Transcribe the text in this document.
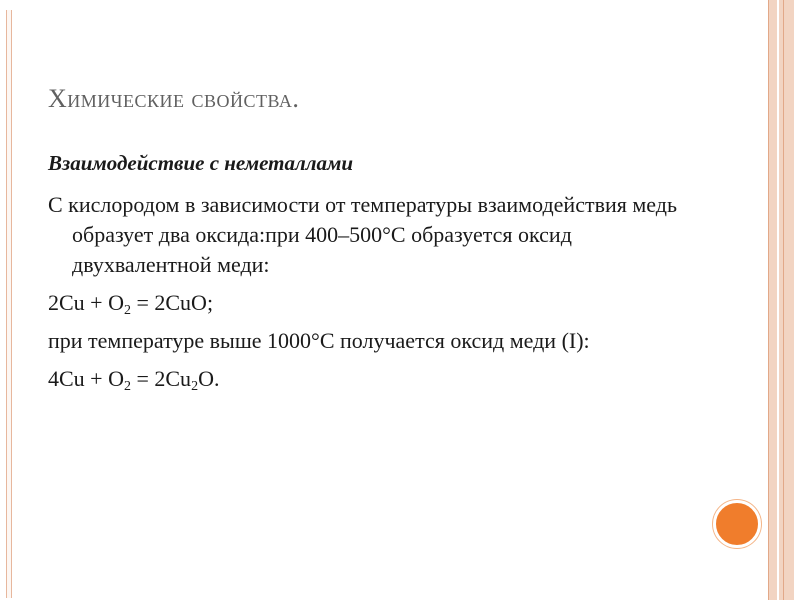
Химические свойства.
Взаимодействие с неметаллами
С кислородом в зависимости от температуры взаимодействия медь образует два оксида:при 400–500°C образуется оксид двухвалентной меди:
$2Cu + O_2 = 2CuO$;
при температуре выше 1000°C получается оксид меди (I):
$4Cu + O_2 = 2Cu_2O$.
